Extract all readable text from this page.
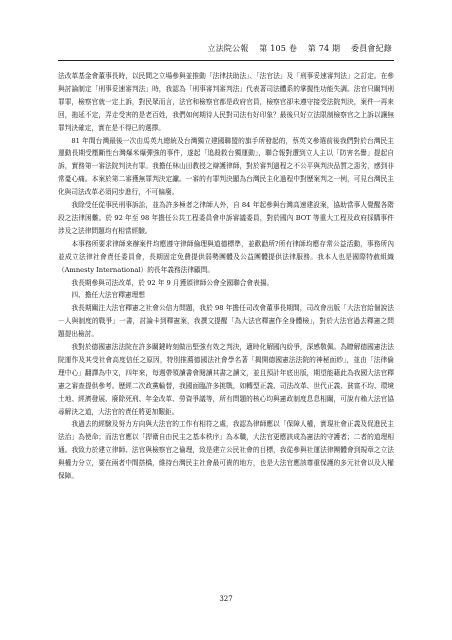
立法院公報 第 105 卷 第 74 期 委員會紀錄

法改革基金會董事長時，以民間之立場參與並推動「法律扶助法」、「法官法」及「刑事妥速審判法」之訂定。在參與討論制定「刑事妥速審判法」時，我認為「刑事審判審判法」代表著司法體系的掌握性功能失調。法官只關判刑罪罪，檢察官就一定上訴，對民眾而言，法官和檢察官都是政府官員，檢察官卻未遵守接受法院判決，案件一再來回，拖延不定，弄走受害的是老百姓，我們如何期待人民對司法有好印象？最後只好立法限制檢察官之上訴以讓無罪判決確定，實在是不得已的選擇。

81 年間台灣最後一次由馬英九總統及台灣獨立建國聯盟的旗手所發起的，蔡英文參選前後我們對於台灣民主運動長期受壓斷性台灣爆米爆彈強的事件，遂起「追殺救台獨運動」，聯合報對遭到立人主以「防害名譽」提起自訴，實務第一審法院判決有罪。我擔任林山田教授之辯護律師，對於審判過程之不公平與判決品質之惡劣，感到非常憂心痛。本案於第二審獲無罪判決定讞。一審的有罪判決顯為台灣民主化過程中對歷案判之一例，可見台灣民主化與司法改革必須同步進行，不可偏廢。

我除受任從事民刑事訴訟，並為許多極者之律師人外，自 84 年起參與台灣高速建設案，協助當事人覺醒各階段之法律困難。於 92 年至 98 年擔任公共工程委員會申訴審議委員，對於國內 BOT 等重大工程及政府採購事件涉及之法律問題均有相當經驗。

本事務所要求律師來辦案件均應遵守律師倫理與道德標準，並歡勸所?所有律師均應存常公益活動，事務所內並成立法律社會責任委員會，長期固定免費提供弱勢團體及公益團體提供法律服務。我本人也是國際特赦組織（Amnesty International）的長年義務法律顧問。

我長期參與司法改革，於 92 年 9 月獲頒律師公會全國聯合會表揚。

四、擔任大法官釋憲理想

我長期關注大法官釋憲之社會公信力問題，我於 98 年擔任司改會董事長期間，司改會出版「大法官給個說法－人與制度的戰爭」一書，討論卡到釋憲案，我撰文提醒「為大法官釋憲作全身體檢」，對於大法官過去釋憲之問題提出檢討。

我對於德國憲法法院在許多關鍵時刻做出堅強有效之判決，適時化解國內紛爭，深感敬佩。為瞭解德國憲法法院運作及其受社會高度信任之原因，特別推薦德國法社會學名著「揭開德國憲法法院的神秘面紗」，並由「法律倫理中心」翻譯為中文，四年來，每週帶領讀書會閱讀其書之讀文，並且預計年底出版，期望能藉此為我國大法官釋憲之審查提供參考。歷經二次政黨輪替，我國面臨許多挑戰，如轉型正義、司法改革、世代正義、貧富不均、環境土地、經濟發展、廢除死刑、年金改革、勞資爭議等，所有問題的核心均與憲政制度息息相關，可說有賴大法官協尋解決之道，大法官的責任將更加艱鉅。

我過去的經驗及努力方向與大法官的工作有相符之處，我認為律師應以「保障人權，實現社會正義及促進民主法治」為使命；而法官應以「捍衛自由民主之基本秩序」為本職，大法官更應該成為憲法的守護者；二者的道理相通。我致力於建立律師、法官與檢察官之倫理，致是建立公民社會的目標，我從參與社運法律團體會到規章之立法與權力分立，要在兩者中間搭橋，維持台灣民主社會最可貴的地方，也是大法官應該尊重保護的多元社會以及人權保障。

327
